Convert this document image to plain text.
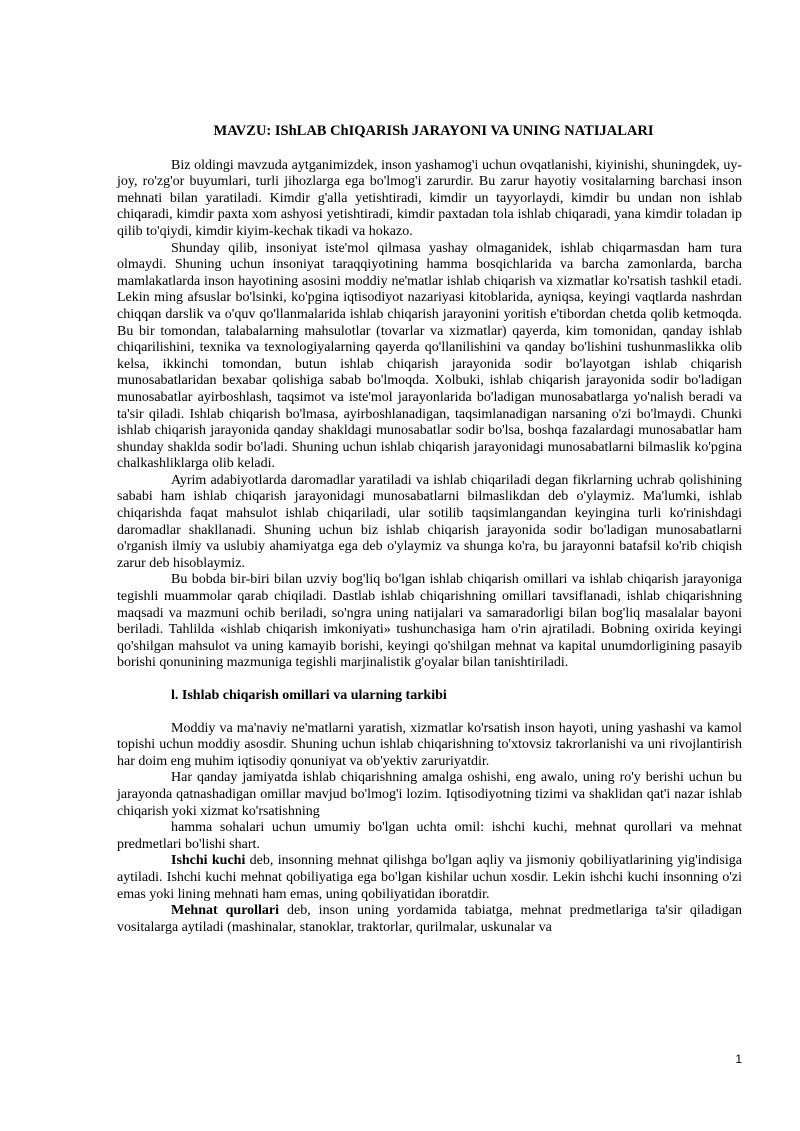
MAVZU: IShLAB ChIQARISh JARAYONI VA UNING NATIJALARI

Biz oldingi mavzuda aytganimizdek, inson yashamog'i uchun ovqatlanishi, kiyinishi, shuningdek, uy-joy, ro'zg'or buyumlari, turli jihozlarga ega bo'lmog'i zarurdir. Bu zarur hayotiy vositalarning barchasi inson mehnati bilan yaratiladi. Kimdir g'alla yetishtiradi, kimdir un tayyorlaydi, kimdir bu undan non ishlab chiqaradi, kimdir paxta xom ashyosi yetishtiradi, kimdir paxtadan tola ishlab chiqaradi, yana kimdir toladan ip qilib to'qiydi, kimdir kiyim-kechak tikadi va hokazo.

Shunday qilib, insoniyat iste'mol qilmasa yashay olmaganidek, ishlab chiqarmasdan ham tura olmaydi. Shuning uchun insoniyat taraqqiyotining hamma bosqichlarida va barcha zamonlarda, barcha mamlakatlarda inson hayotining asosini moddiy ne'matlar ishlab chiqarish va xizmatlar ko'rsatish tashkil etadi. Lekin ming afsuslar bo'lsinki, ko'pgina iqtisodiyot nazariyasi kitoblarida, ayniqsa, keyingi vaqtlarda nashrdan chiqqan darslik va o'quv qo'llanmalarida ishlab chiqarish jarayonini yoritish e'tibordan chetda qolib ketmoqda. Bu bir tomondan, talabalarning mahsulotlar (tovarlar va xizmatlar) qayerda, kim tomonidan, qanday ishlab chiqarilishini, texnika va texnologiyalarning qayerda qo'llanilishini va qanday bo'lishini tushunmaslikka olib kelsa, ikkinchi tomondan, butun ishlab chiqarish jarayonida sodir bo'layotgan ishlab chiqarish munosabatlaridan bexabar qolishiga sabab bo'lmoqda. Xolbuki, ishlab chiqarish jarayonida sodir bo'ladigan munosabatlar ayirboshlash, taqsimot va iste'mol jarayonlarida bo'ladigan munosabatlarga yo'nalish beradi va ta'sir qiladi. Ishlab chiqarish bo'lmasa, ayirboshlanadigan, taqsimlanadigan narsaning o'zi bo'lmaydi. Chunki ishlab chiqarish jarayonida qanday shakldagi munosabatlar sodir bo'lsa, boshqa fazalardagi munosabatlar ham shunday shaklda sodir bo'ladi. Shuning uchun ishlab chiqarish jarayonidagi munosabatlarni bilmaslik ko'pgina chalkashliklarga olib keladi.

Ayrim adabiyotlarda daromadlar yaratiladi va ishlab chiqariladi degan fikrlarning uchrab qolishining sababi ham ishlab chiqarish jarayonidagi munosabatlarni bilmaslikdan deb o'ylaymiz. Ma'lumki, ishlab chiqarishda faqat mahsulot ishlab chiqariladi, ular sotilib taqsimlangandan keyingina turli ko'rinishdagi daromadlar shakllanadi. Shuning uchun biz ishlab chiqarish jarayonida sodir bo'ladigan munosabatlarni o'rganish ilmiy va uslubiy ahamiyatga ega deb o'ylaymiz va shunga ko'ra, bu jarayonni batafsil ko'rib chiqish zarur deb hisoblaymiz.

Bu bobda bir-biri bilan uzviy bog'liq bo'lgan ishlab chiqarish omillari va ishlab chiqarish jarayoniga tegishli muammolar qarab chiqiladi. Dastlab ishlab chiqarishning omillari tavsiflanadi, ishlab chiqarishning maqsadi va mazmuni ochib beriladi, so'ngra uning natijalari va samaradorligi bilan bog'liq masalalar bayoni beriladi. Tahlilda «ishlab chiqarish imkoniyati» tushunchasiga ham o'rin ajratiladi. Bobning oxirida keyingi qo'shilgan mahsulot va uning kamayib borishi, keyingi qo'shilgan mehnat va kapital unumdorligining pasayib borishi qonunining mazmuniga tegishli marjinalistik g'oyalar bilan tanishtiriladi.

l. Ishlab chiqarish omillari va ularning tarkibi

Moddiy va ma'naviy ne'matlarni yaratish, xizmatlar ko'rsatish inson hayoti, uning yashashi va kamol topishi uchun moddiy asosdir. Shuning uchun ishlab chiqarishning to'xtovsiz takrorlanishi va uni rivojlantirish har doim eng muhim iqtisodiy qonuniyat va ob'yektiv zaruriyatdir.

Har qanday jamiyatda ishlab chiqarishning amalga oshishi, eng awalo, uning ro'y berishi uchun bu jarayonda qatnashadigan omillar mavjud bo'lmog'i lozim. Iqtisodiyotning tizimi va shaklidan qat'i nazar ishlab chiqarish yoki xizmat ko'rsatishning

hamma sohalari uchun umumiy bo'lgan uchta omil: ishchi kuchi, mehnat qurollari va mehnat predmetlari bo'lishi shart.

Ishchi kuchi deb, insonning mehnat qilishga bo'lgan aqliy va jismoniy qobiliyatlarining yig'indisiga aytiladi. Ishchi kuchi mehnat qobiliyatiga ega bo'lgan kishilar uchun xosdir. Lekin ishchi kuchi insonning o'zi emas yoki lining mehnati ham emas, uning qobiliyatidan iboratdir.

Mehnat qurollari deb, inson uning yordamida tabiatga, mehnat predmetlariga ta'sir qiladigan vositalarga aytiladi (mashinalar, stanoklar, traktorlar, qurilmalar, uskunalar va

1
